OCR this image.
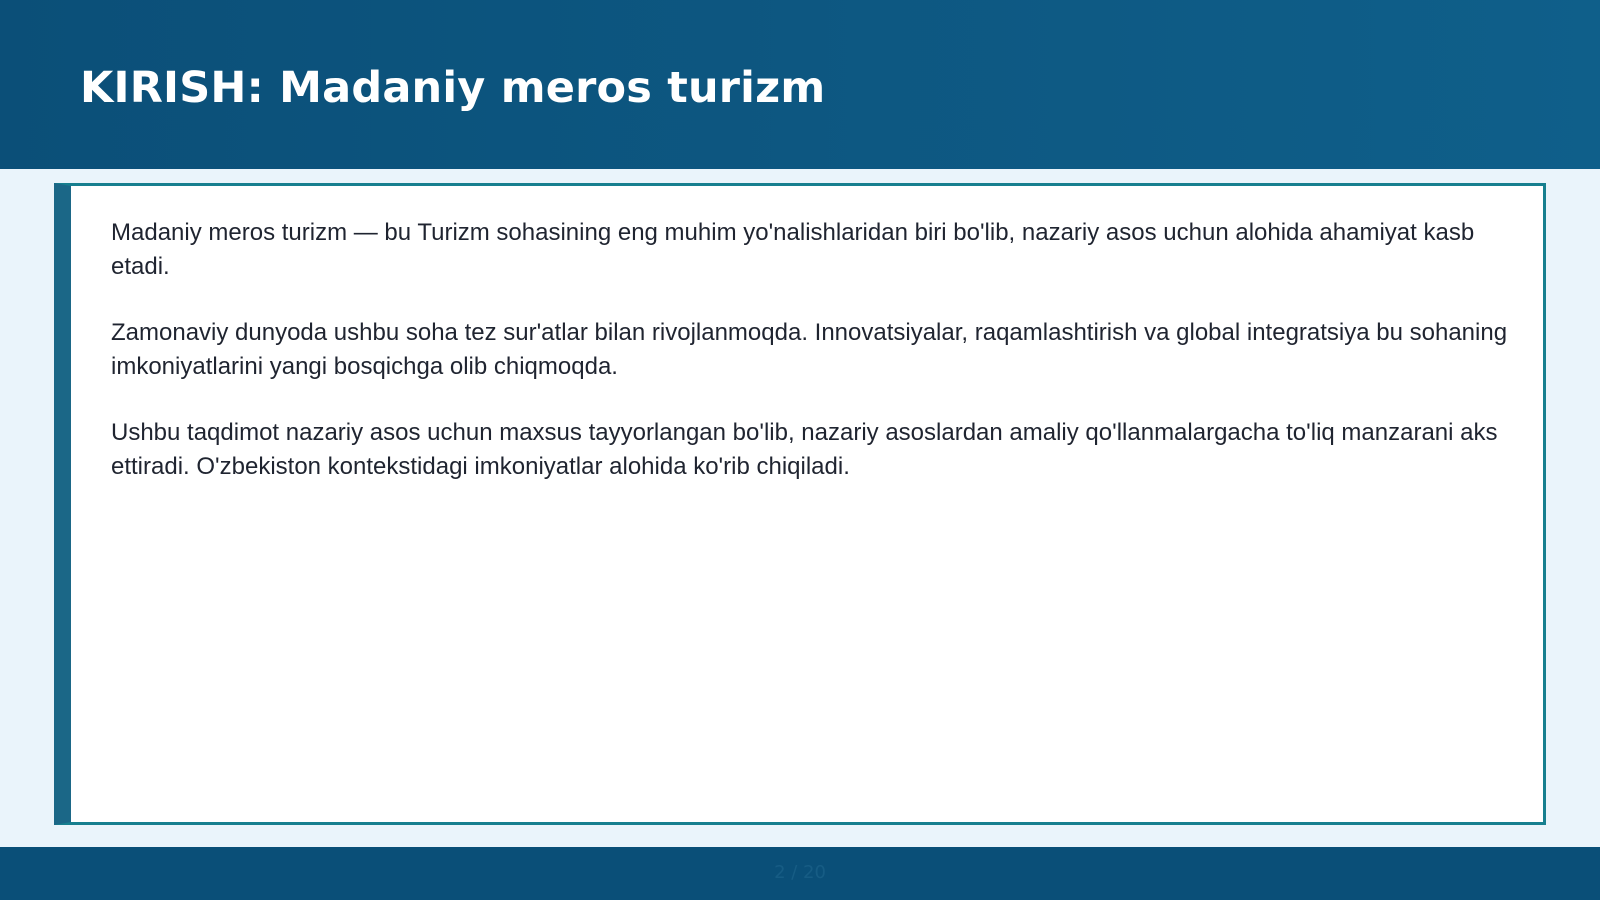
KIRISH: Madaniy meros turizm

Madaniy meros turizm — bu Turizm sohasining eng muhim yo'nalishlaridan biri bo'lib, nazariy asos uchun alohida ahamiyat kasb etadi.

Zamonaviy dunyoda ushbu soha tez sur'atlar bilan rivojlanmoqda. Innovatsiyalar, raqamlashtirish va global integratsiya bu sohaning imkoniyatlarini yangi bosqichga olib chiqmoqda.

Ushbu taqdimot nazariy asos uchun maxsus tayyorlangan bo'lib, nazariy asoslardan amaliy qo'llanmalargacha to'liq manzarani aks ettiradi. O'zbekiston kontekstidagi imkoniyatlar alohida ko'rib chiqiladi.

2 / 20
